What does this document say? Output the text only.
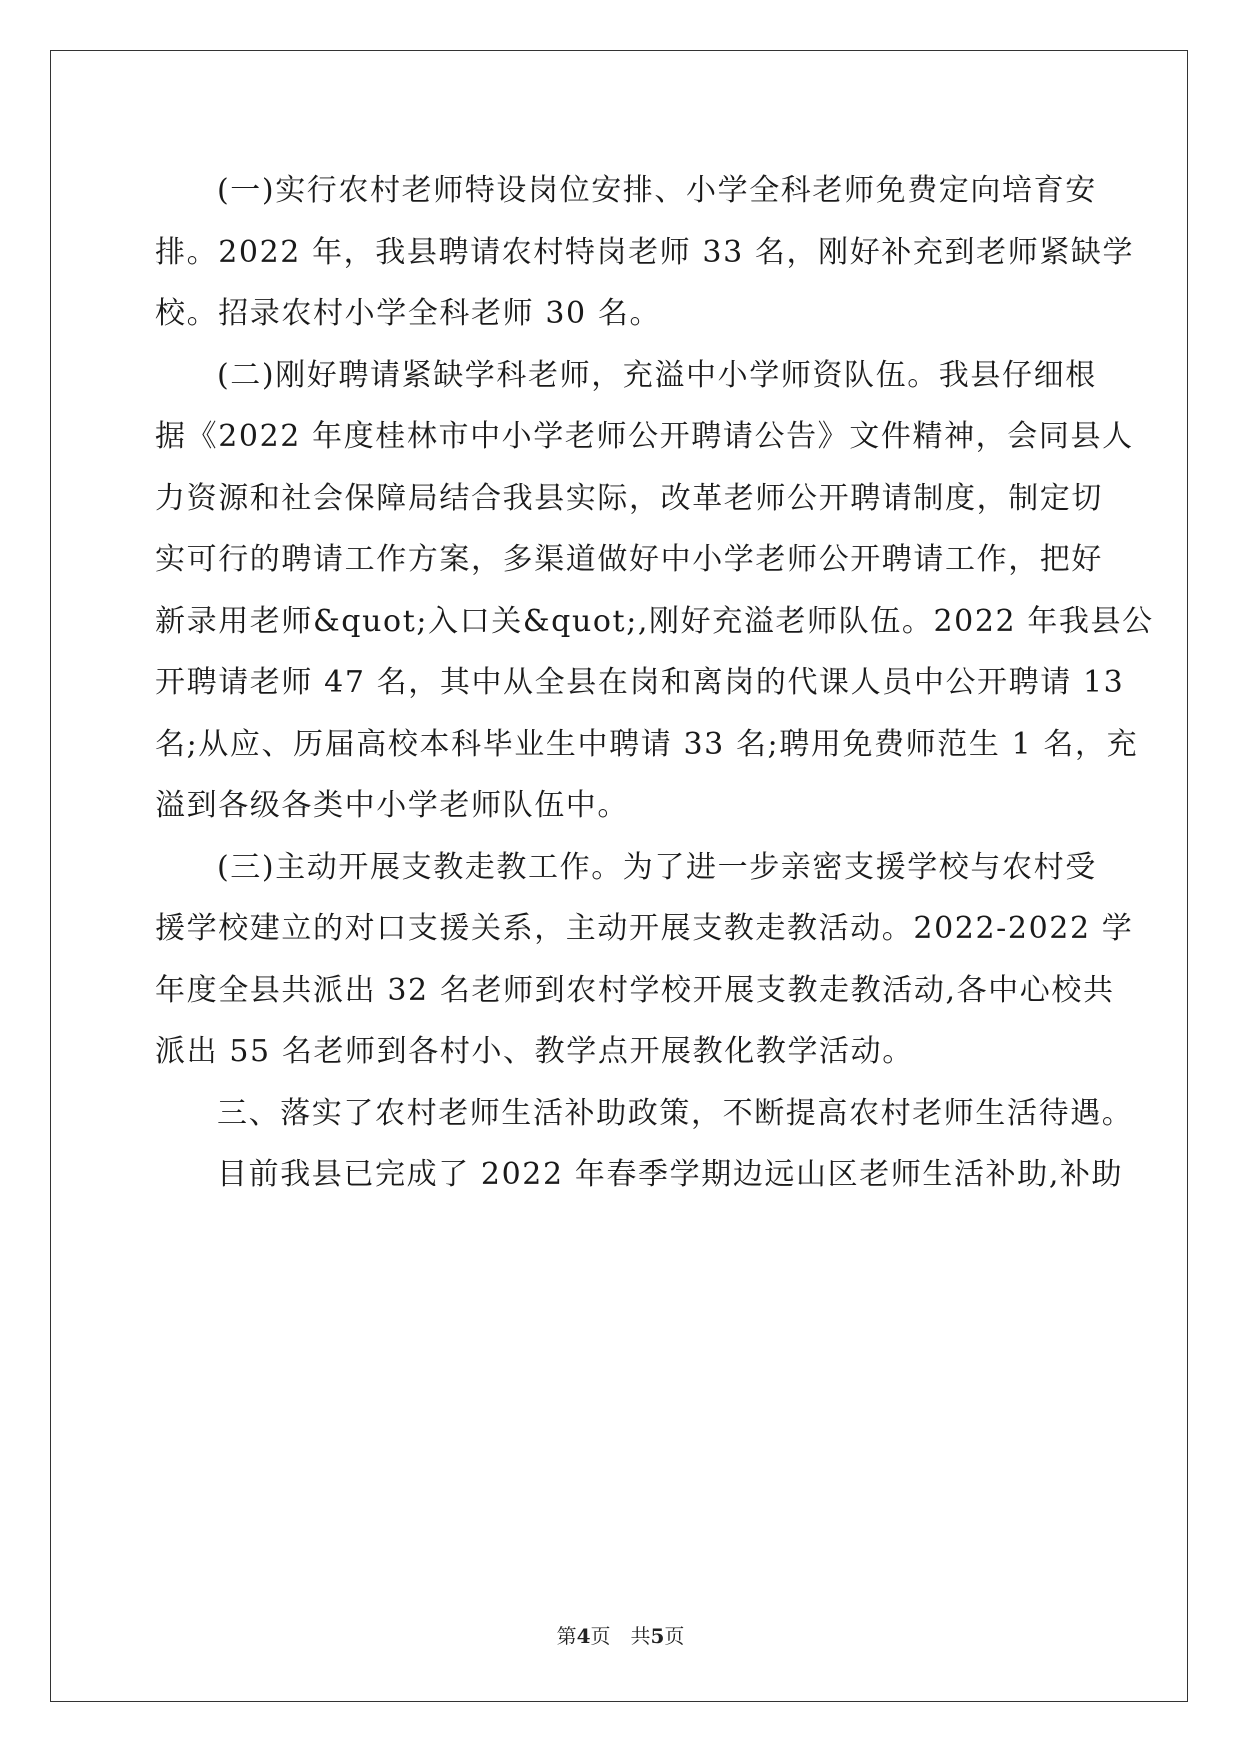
(一)实行农村老师特设岗位安排、小学全科老师免费定向培育安
排。2022 年，我县聘请农村特岗老师 33 名，刚好补充到老师紧缺学
校。招录农村小学全科老师 30 名。

(二)刚好聘请紧缺学科老师，充溢中小学师资队伍。我县仔细根
据《2022 年度桂林市中小学老师公开聘请公告》文件精神，会同县人
力资源和社会保障局结合我县实际，改革老师公开聘请制度，制定切
实可行的聘请工作方案，多渠道做好中小学老师公开聘请工作，把好
新录用老师&quot;入口关&quot;,刚好充溢老师队伍。2022 年我县公
开聘请老师 47 名，其中从全县在岗和离岗的代课人员中公开聘请 13
名;从应、历届高校本科毕业生中聘请 33 名;聘用免费师范生 1 名，充
溢到各级各类中小学老师队伍中。

(三)主动开展支教走教工作。为了进一步亲密支援学校与农村受
援学校建立的对口支援关系，主动开展支教走教活动。2022-2022 学
年度全县共派出 32 名老师到农村学校开展支教走教活动,各中心校共
派出 55 名老师到各村小、教学点开展教化教学活动。

三、落实了农村老师生活补助政策，不断提高农村老师生活待遇。

目前我县已完成了 2022 年春季学期边远山区老师生活补助,补助

第4页　共5页
